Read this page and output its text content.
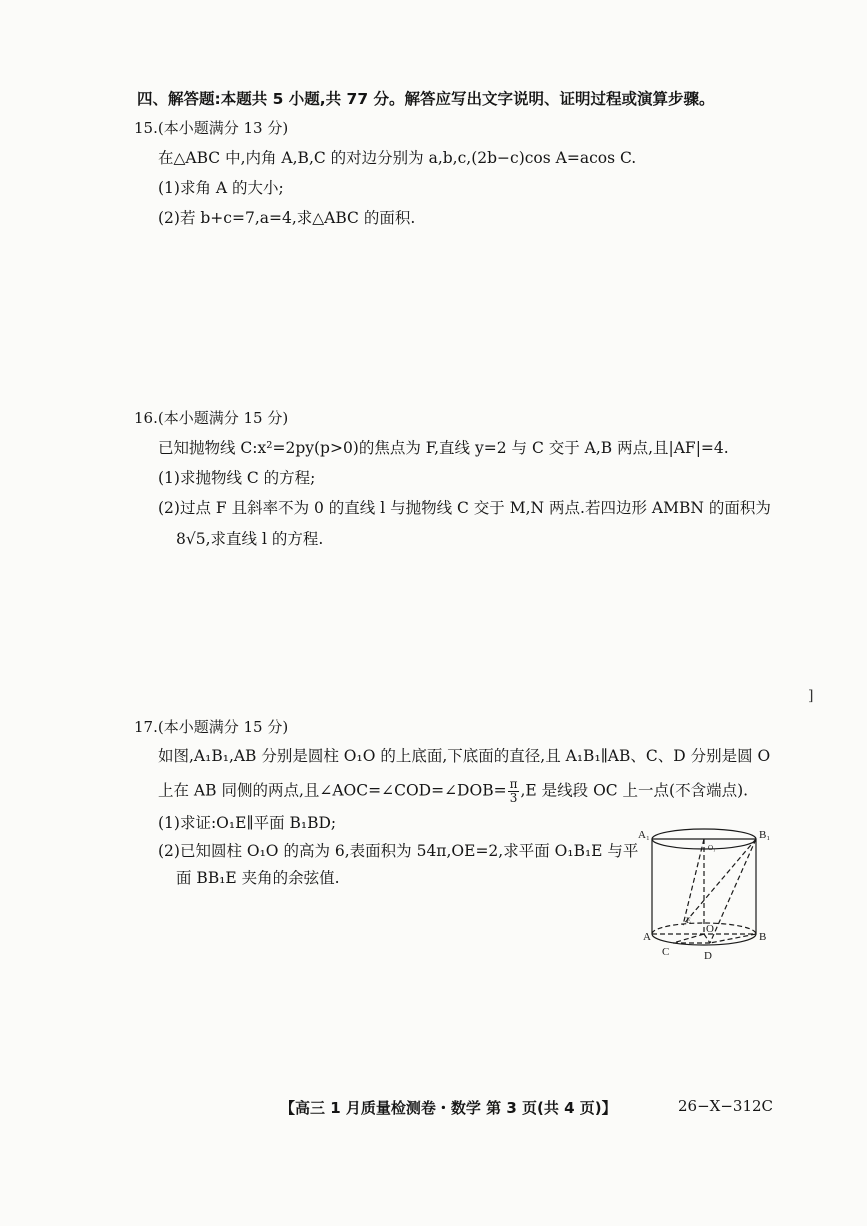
四、解答题:本题共 5 小题,共 77 分。解答应写出文字说明、证明过程或演算步骤。
15.(本小题满分 13 分)
在△ABC 中,内角 A,B,C 的对边分别为 a,b,c,(2b−c)cos A=acos C.
(1)求角 A 的大小;
(2)若 b+c=7,a=4,求△ABC 的面积.
16.(本小题满分 15 分)
已知抛物线 C:x²=2py(p>0)的焦点为 F,直线 y=2 与 C 交于 A,B 两点,且|AF|=4.
(1)求抛物线 C 的方程;
(2)过点 F 且斜率不为 0 的直线 l 与抛物线 C 交于 M,N 两点.若四边形 AMBN 的面积为
8√5,求直线 l 的方程.
]
17.(本小题满分 15 分)
如图,A₁B₁,AB 分别是圆柱 O₁O 的上底面,下底面的直径,且 A₁B₁∥AB、C、D 分别是圆 O
上在 AB 同侧的两点,且∠AOC=∠COD=∠DOB= $\frac{\pi}{3} ,E$ 是线段 OC 上一点(不含端点).
(1)求证:O₁E∥平面 B₁BD;
(2)已知圆柱 O₁O 的高为 6,表面积为 54π,OE=2,求平面 O₁B₁E 与平
面 BB₁E 夹角的余弦值.
A₁	B₁
O₁
E
O
A	B
C	D
【高三 1 月质量检测卷・数学 第 3 页(共 4 页)】	26−X−312C
